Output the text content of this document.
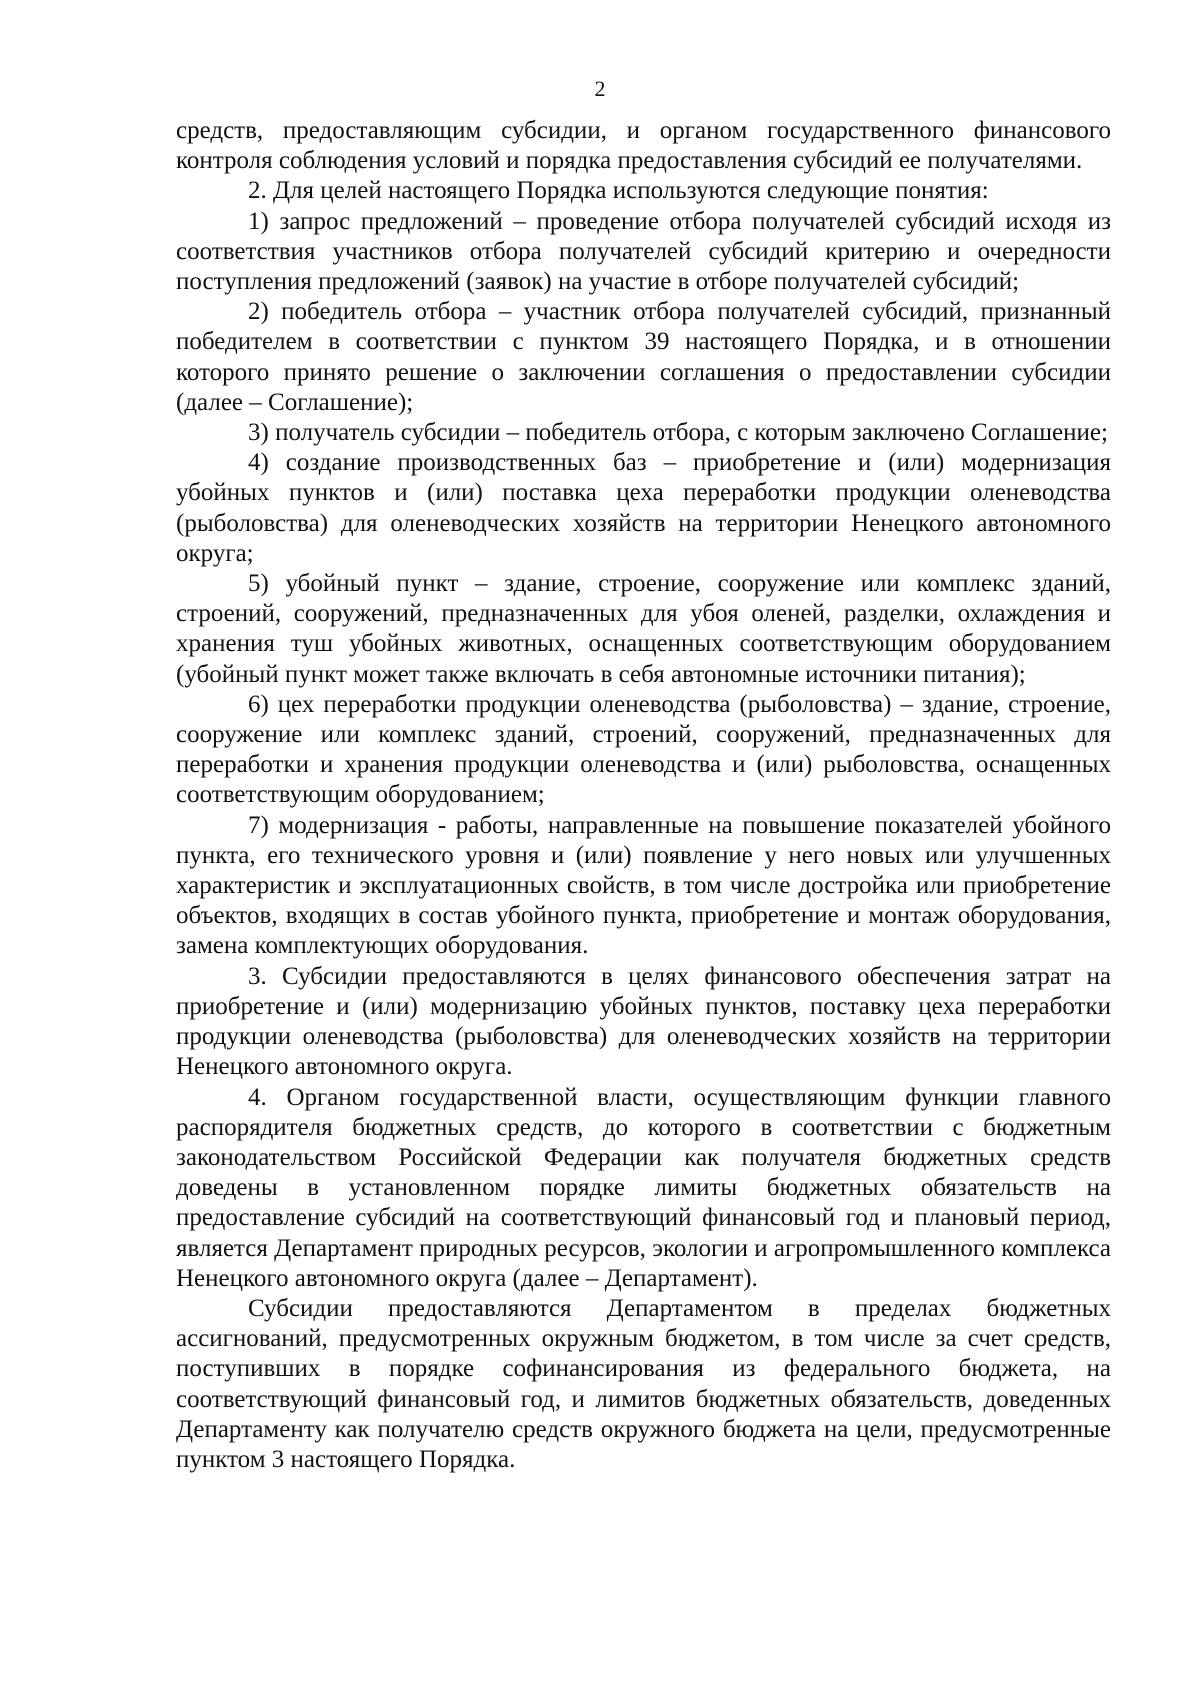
2

средств, предоставляющим субсидии, и органом государственного финансового контроля соблюдения условий и порядка предоставления субсидий ее получателями.

2. Для целей настоящего Порядка используются следующие понятия:

1) запрос предложений – проведение отбора получателей субсидий исходя из соответствия участников отбора получателей субсидий критерию и очередности поступления предложений (заявок) на участие в отборе получателей субсидий;

2) победитель отбора – участник отбора получателей субсидий, признанный победителем в соответствии с пунктом 39 настоящего Порядка, и в отношении которого принято решение о заключении соглашения о предоставлении субсидии (далее – Соглашение);

3) получатель субсидии – победитель отбора, с которым заключено Соглашение;

4) создание производственных баз – приобретение и (или) модернизация убойных пунктов и (или) поставка цеха переработки продукции оленеводства (рыболовства) для оленеводческих хозяйств на территории Ненецкого автономного округа;

5) убойный пункт – здание, строение, сооружение или комплекс зданий, строений, сооружений, предназначенных для убоя оленей, разделки, охлаждения и хранения туш убойных животных, оснащенных соответствующим оборудованием (убойный пункт может также включать в себя автономные источники питания);

6) цех переработки продукции оленеводства (рыболовства) – здание, строение, сооружение или комплекс зданий, строений, сооружений, предназначенных для переработки и хранения продукции оленеводства и (или) рыболовства, оснащенных соответствующим оборудованием;

7) модернизация - работы, направленные на повышение показателей убойного пункта, его технического уровня и (или) появление у него новых или улучшенных характеристик и эксплуатационных свойств, в том числе достройка или приобретение объектов, входящих в состав убойного пункта, приобретение и монтаж оборудования, замена комплектующих оборудования.

3. Субсидии предоставляются в целях финансового обеспечения затрат на приобретение и (или) модернизацию убойных пунктов, поставку цеха переработки продукции оленеводства (рыболовства) для оленеводческих хозяйств на территории Ненецкого автономного округа.

4. Органом государственной власти, осуществляющим функции главного распорядителя бюджетных средств, до которого в соответствии с бюджетным законодательством Российской Федерации как получателя бюджетных средств доведены в установленном порядке лимиты бюджетных обязательств на предоставление субсидий на соответствующий финансовый год и плановый период, является Департамент природных ресурсов, экологии и агропромышленного комплекса Ненецкого автономного округа (далее – Департамент).

Субсидии предоставляются Департаментом в пределах бюджетных ассигнований, предусмотренных окружным бюджетом, в том числе за счет средств, поступивших в порядке софинансирования из федерального бюджета, на соответствующий финансовый год, и лимитов бюджетных обязательств, доведенных Департаменту как получателю средств окружного бюджета на цели, предусмотренные пунктом 3 настоящего Порядка.
